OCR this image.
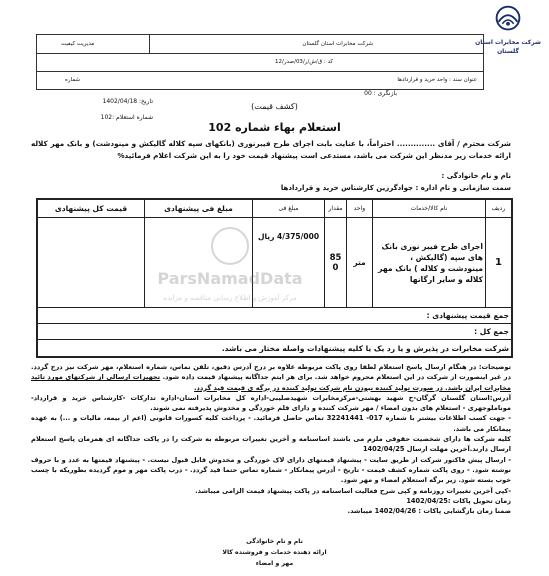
شرکت مخابرات استان گلستان
شرکت مخابرات استان گلستان
مدیریت کیفیت
کد : ق/ش/ر/03/صدر/12
عنوان سند : واحد خرید و قراردادها
شماره
بازنگری : 00
تاریخ: 1402/04/18
شماره استعلام :102
(کشف قیمت)
استعلام بهاء شماره 102
شرکت محترم / آقای .............. احتراماً، با عنایت بابت اجرای طرح فیبرنوری (بانکهای سپه کلاله گالیکش و مینودشت) و بانک مهر کلاله ارائه خدمات زیر مدنظر این شرکت می باشد، مستدعی است پیشنهاد قیمت خود را به این شرکت اعلام فرمائید%
نام و نام خانوادگی :
سمت سازمانی و نام اداره : جوادگرزین کارشناس خرید و قراردادها
ردیف	نام کالا/خدمات	واحد	مقدار	مبلغ فی	مبلغ فی پیشنهادی	قیمت کل پیشنهادی
1	اجرای طرح فیبر نوری بانک های سپه (گالیکش ، مینودشت و کلاله ) بانک مهر کلاله و سایر ارگانها	متر	850	4/375/000 ریال		
جمع قیمت پیشنهادی :						
جمع کل :						
شرکت مخابرات در پذیرش و یا رد یک یا کلیه پیشنهادات واصله مختار می باشد.						
ParsNamadData
مرکز آموزش و اطلاع رسانی مناقصه و مزایده

توضیحات: در هنگام ارسال پاسخ استعلام لطفا روی پاکت مربوطه علاوه بر درج آدرس دقیق، تلفن تماس، شماره استعلام، مهر شرکت نیز درج گردد. در غیر اینصورت از شرکت در این استعلام محروم خواهد شد. برای هر ایتم جداگانه پیشنهاد قیمت داده شود. تجهیزات ارسالی از شرکتهای مورد تائید مخابرات ایران باشد. در صورت تولید کننده نبودن نام شرکت تولید کننده در برگه ی قیمت قید گردد.

آدرس:استان گلستان گرگان-خ شهید بهشتی-مرکزمخابرات شهیدصلیبی-اداره کل مخابرات استان-اداره تدارکات -کارشناس خرید و قرارداد- موناملوجهری - استعلام های بدون امضاء / مهر شرکت کننده و دارای قلم خوردگی و مخدوش پذیرفته نمی شوند.

- جهت کسب اطلاعات بیشتر با شماره 017- 32241441 تماس حاصل فرمائید. - پرداخت کلیه کسورات قانونی (اعم از بیمه، مالیات و ...) به عهده پیمانکار می باشد.

کلیه شرکت ها دارای شخصیت حقوقی ملزم می باشند اساسنامه و آخرین تغییرات مربوطه به شرکت را در پاکت جداگانه ای همزمان پاسخ استعلام ارسال دارند.آخرین مهلت ارسال 1402/04/25

- ارسال پیش فاکتور شرکت از طریق سایت - پیشنهاد قیمتهای دارای لاک خوردگی و مخدوش قابل قبول نیست. - پیشنهاد قیمتها به عدد و با حروف نوشته شود. - روی پاکت شماره کشف قیمت - تاریخ - آدرس پیمانکار - شماره تماس حتما قید گردد. - درب پاکت مهر و موم گردیده بطوریکه با چسب خوب بسته شود. زیر برگه استعلام امضاء و مهر شود.

-کپی آخرین تغییرات روزنامه و کپی شرح فعالیت اساسنامه در پاکت پیشنهاد قیمت الزامی میباشد.

زمان تحویل پاکات :1402/04/25

ضمنا زمان بازگشایی پاکات : 1402/04/26 میباشد.

نام و نام خانوادگی
ارائه دهنده خدمات و فروشنده کالا
مهر و امضاء
